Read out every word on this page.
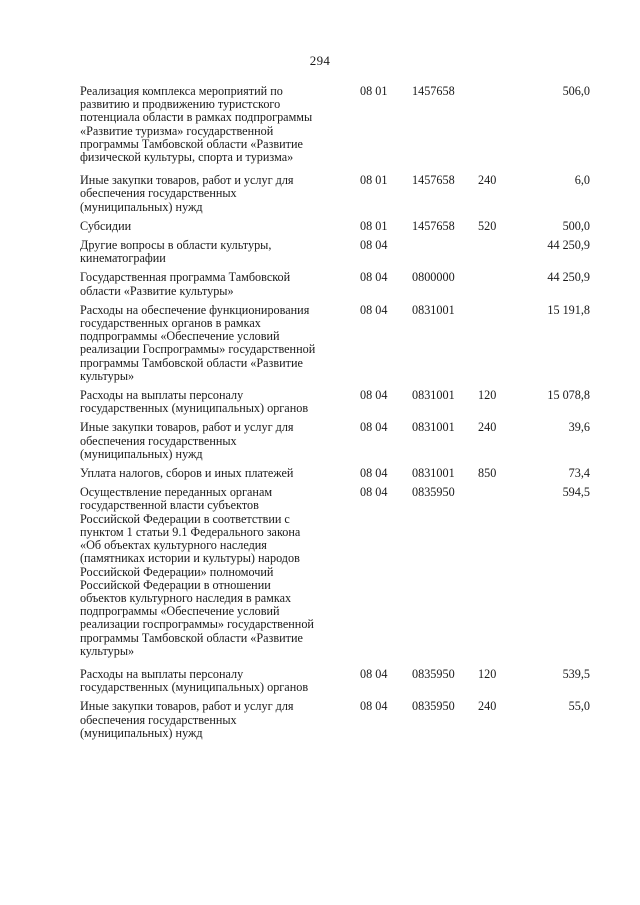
294
Реализация комплекса мероприятий по
развитию и продвижению туристского
потенциала области в рамках подпрограммы
«Развитие туризма» государственной
программы Тамбовской области «Развитие
физической культуры, спорта и туризма»
08 01 1457658	506,0
Иные закупки товаров, работ и услуг для
обеспечения государственных
(муниципальных) нужд
08 01 1457658 240	6,0
Субсидии	08 01 1457658 520	500,0
Другие вопросы в области культуры,
кинематографии
08 04	44 250,9
Государственная программа Тамбовской
области «Развитие культуры»
08 04 0800000	44 250,9
Расходы на обеспечение функционирования
государственных органов в рамках
подпрограммы «Обеспечение условий
реализации Госпрограммы» государственной
программы Тамбовской области «Развитие
культуры»
08 04 0831001	15 191,8
Расходы на выплаты персоналу
государственных (муниципальных) органов
08 04 0831001 120	15 078,8
Иные закупки товаров, работ и услуг для
обеспечения государственных
(муниципальных) нужд
08 04 0831001 240	39,6
Уплата налогов, сборов и иных платежей	08 04 0831001 850	73,4
Осуществление переданных органам
государственной власти субъектов
Российской Федерации в соответствии с
пунктом 1 статьи 9.1 Федерального закона
«Об объектах культурного наследия
(памятниках истории и культуры) народов
Российской Федерации» полномочий
Российской Федерации в отношении
объектов культурного наследия в рамках
подпрограммы «Обеспечение условий
реализации госпрограммы» государственной
программы Тамбовской области «Развитие
культуры»
08 04 0835950	594,5
Расходы на выплаты персоналу
государственных (муниципальных) органов
08 04 0835950 120	539,5
Иные закупки товаров, работ и услуг для
обеспечения государственных
(муниципальных) нужд
08 04 0835950 240	55,0
